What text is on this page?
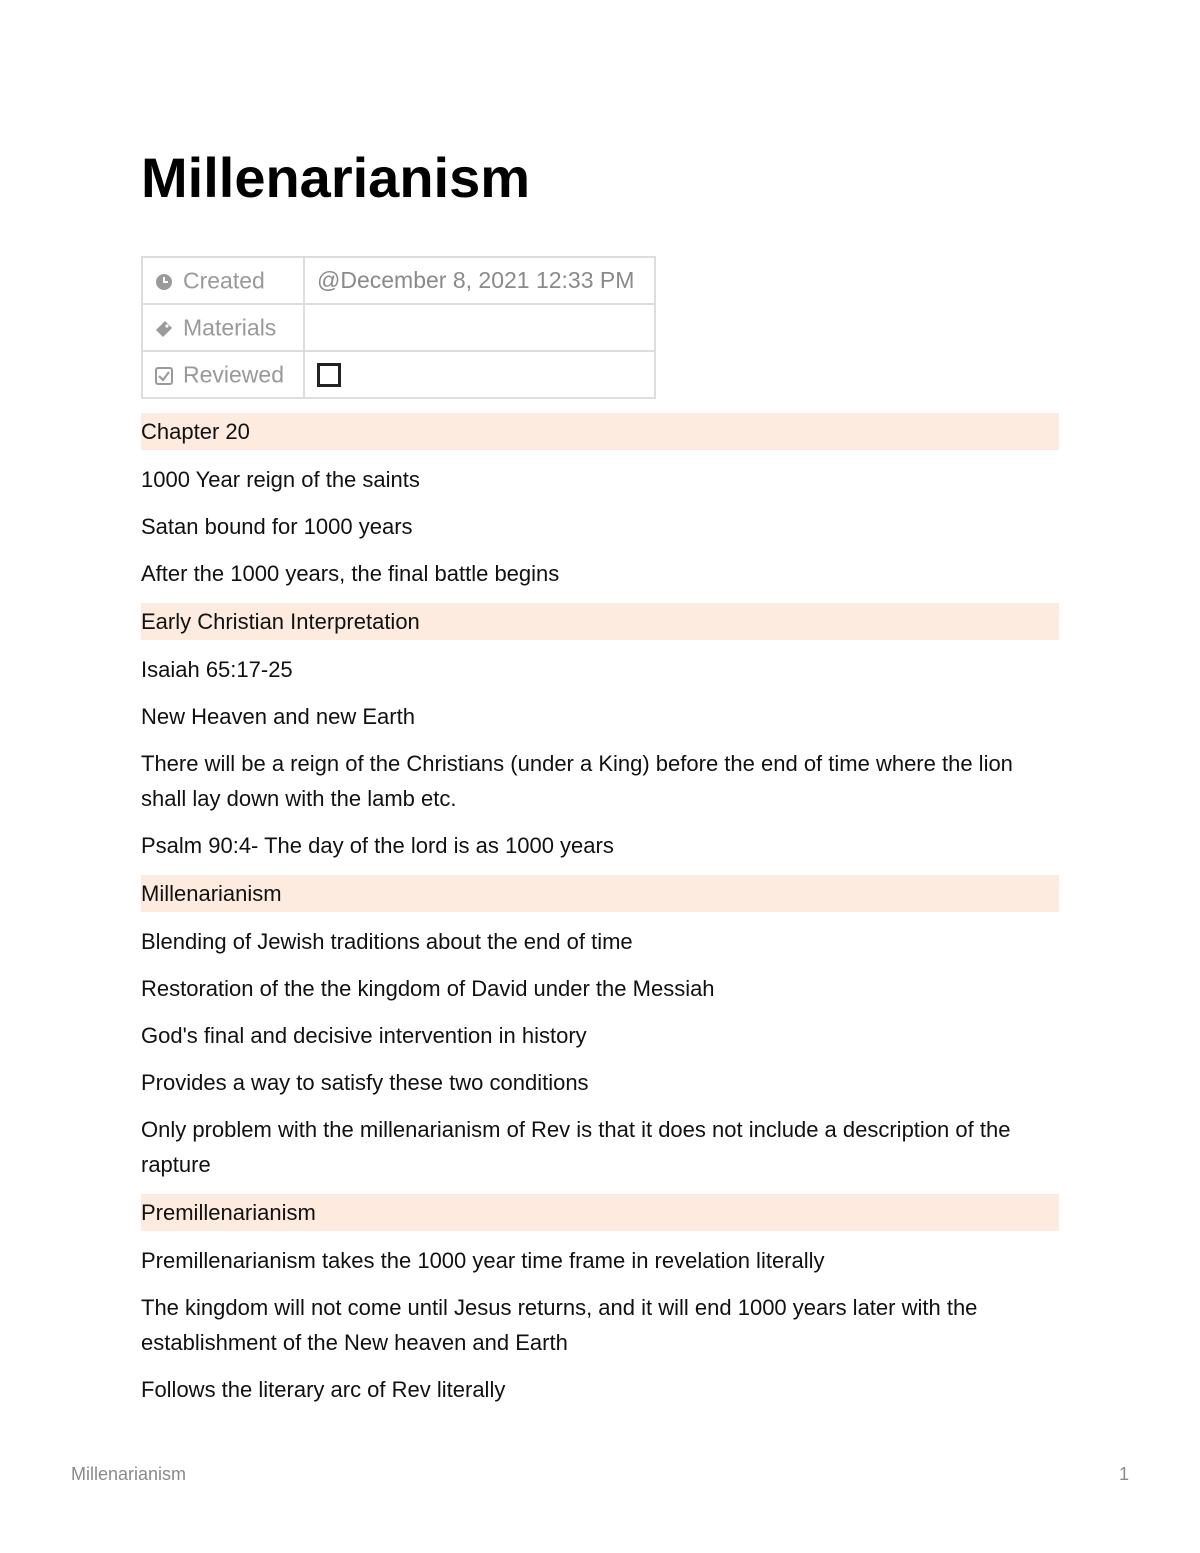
Millenarianism
Created	@December 8, 2021 12:33 PM
Materials	
Reviewed	
Chapter 20

1000 Year reign of the saints

Satan bound for 1000 years

After the 1000 years, the final battle begins

Early Christian Interpretation

Isaiah 65:17-25

New Heaven and new Earth

There will be a reign of the Christians (under a King) before the end of time where the lion shall lay down with the lamb etc.

Psalm 90:4- The day of the lord is as 1000 years

Millenarianism

Blending of Jewish traditions about the end of time

Restoration of the the kingdom of David under the Messiah

God's final and decisive intervention in history

Provides a way to satisfy these two conditions

Only problem with the millenarianism of Rev is that it does not include a description of the rapture

Premillenarianism

Premillenarianism takes the 1000 year time frame in revelation literally

The kingdom will not come until Jesus returns, and it will end 1000 years later with the establishment of the New heaven and Earth

Follows the literary arc of Rev literally

Millenarianism	1
